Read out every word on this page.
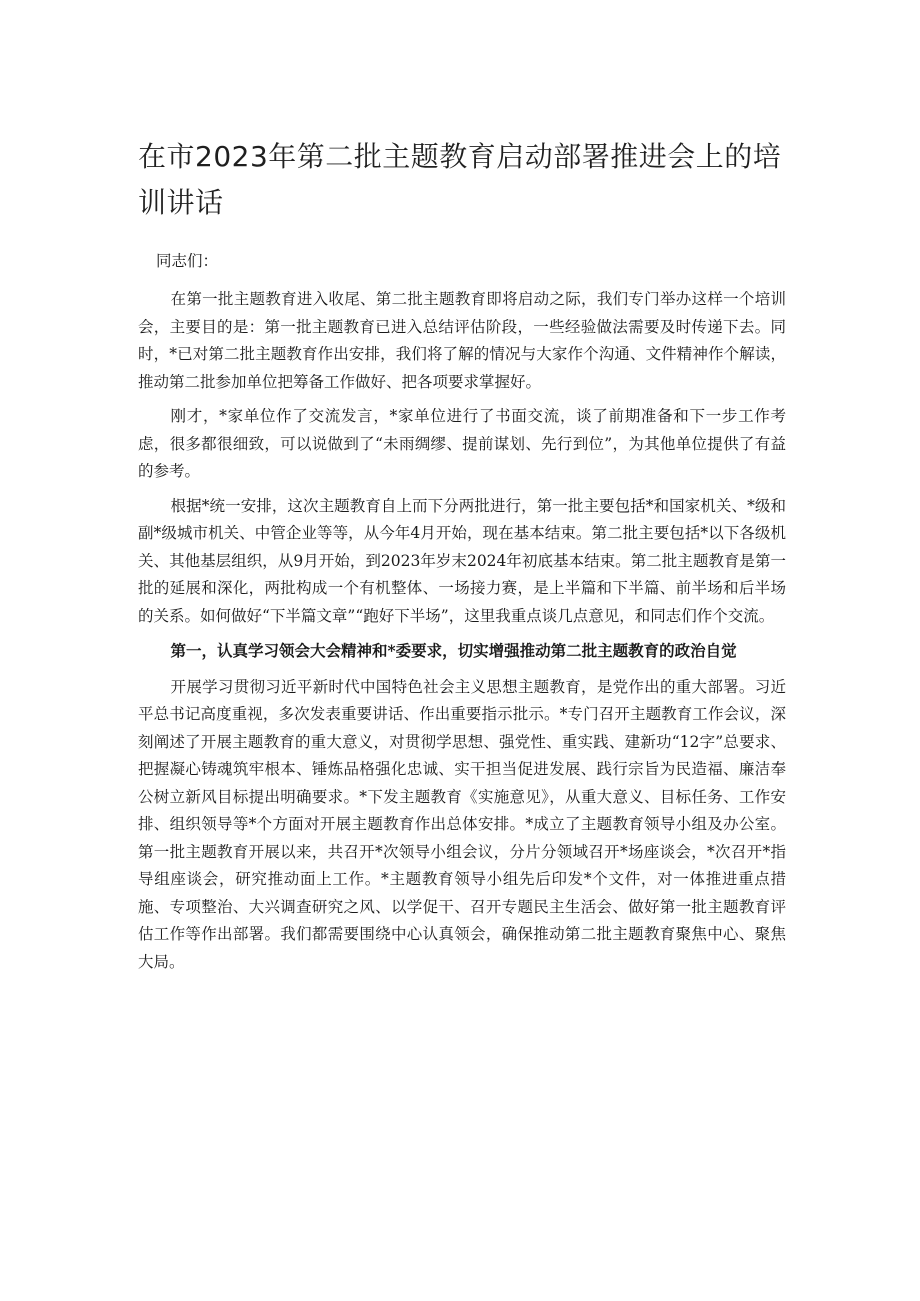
在市2023年第二批主题教育启动部署推进会上的培训讲话

同志们：

在第一批主题教育进入收尾、第二批主题教育即将启动之际，我们专门举办这样一个培训会，主要目的是：第一批主题教育已进入总结评估阶段，一些经验做法需要及时传递下去。同时，*已对第二批主题教育作出安排，我们将了解的情况与大家作个沟通、文件精神作个解读，推动第二批参加单位把筹备工作做好、把各项要求掌握好。

刚才，*家单位作了交流发言，*家单位进行了书面交流，谈了前期准备和下一步工作考虑，很多都很细致，可以说做到了“未雨绸缪、提前谋划、先行到位”，为其他单位提供了有益的参考。

根据*统一安排，这次主题教育自上而下分两批进行，第一批主要包括*和国家机关、*级和副*级城市机关、中管企业等等，从今年4月开始，现在基本结束。第二批主要包括*以下各级机关、其他基层组织，从9月开始，到2023年岁末2024年初底基本结束。第二批主题教育是第一批的延展和深化，两批构成一个有机整体、一场接力赛，是上半篇和下半篇、前半场和后半场的关系。如何做好“下半篇文章”“跑好下半场”，这里我重点谈几点意见，和同志们作个交流。

第一，认真学习领会大会精神和*委要求，切实增强推动第二批主题教育的政治自觉

开展学习贯彻习近平新时代中国特色社会主义思想主题教育，是党作出的重大部署。习近平总书记高度重视，多次发表重要讲话、作出重要指示批示。*专门召开主题教育工作会议，深刻阐述了开展主题教育的重大意义，对贯彻学思想、强党性、重实践、建新功“12字”总要求、把握凝心铸魂筑牢根本、锤炼品格强化忠诚、实干担当促进发展、践行宗旨为民造福、廉洁奉公树立新风目标提出明确要求。*下发主题教育《实施意见》，从重大意义、目标任务、工作安排、组织领导等*个方面对开展主题教育作出总体安排。*成立了主题教育领导小组及办公室。第一批主题教育开展以来，共召开*次领导小组会议，分片分领域召开*场座谈会，*次召开*指导组座谈会，研究推动面上工作。*主题教育领导小组先后印发*个文件，对一体推进重点措施、专项整治、大兴调查研究之风、以学促干、召开专题民主生活会、做好第一批主题教育评估工作等作出部署。我们都需要围绕中心认真领会，确保推动第二批主题教育聚焦中心、聚焦大局。
